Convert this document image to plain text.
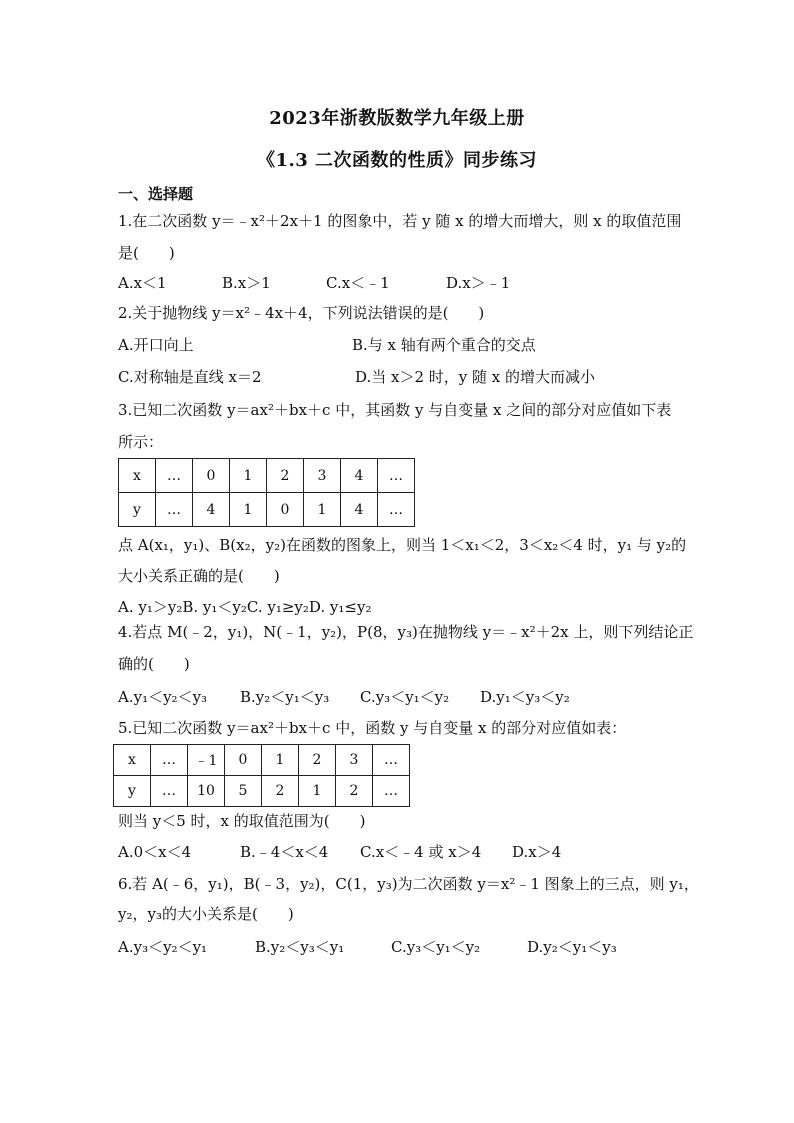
2023年浙教版数学九年级上册
《1.3 二次函数的性质》同步练习
一、选择题
1.在二次函数 y＝﹣x²＋2x＋1 的图象中，若 y 随 x 的增大而增大，则 x 的取值范围
是(　　)
A.x＜1	B.x＞1	C.x＜﹣1	D.x＞﹣1
2.关于抛物线 y＝x²﹣4x＋4，下列说法错误的是(　　)
A.开口向上	B.与 x 轴有两个重合的交点
C.对称轴是直线 x＝2	D.当 x＞2 时，y 随 x 的增大而减小
3.已知二次函数 y＝ax²＋bx＋c 中，其函数 y 与自变量 x 之间的部分对应值如下表
所示：
x	…	0	1	2	3	4	…
y	…	4	1	0	1	4	…
点 A(x₁，y₁)、B(x₂，y₂)在函数的图象上，则当 1＜x₁＜2，3＜x₂＜4 时，y₁ 与 y₂的
大小关系正确的是(　　)
A. y₁＞y₂B. y₁＜y₂C. y₁≥y₂D. y₁≤y₂
4.若点 M(﹣2，y₁)，N(﹣1，y₂)，P(8，y₃)在抛物线 y＝﹣x²＋2x 上，则下列结论正
确的(　　)
A.y₁＜y₂＜y₃ B.y₂＜y₁＜y₃ C.y₃＜y₁＜y₂ D.y₁＜y₃＜y₂
5.已知二次函数 y＝ax²＋bx＋c 中，函数 y 与自变量 x 的部分对应值如表：
x	…	﹣1	0	1	2	3	…
y	…	10	5	2	1	2	…
则当 y＜5 时，x 的取值范围为(　　)
A.0＜x＜4	B.﹣4＜x＜4 C.x＜﹣4 或 x＞4 D.x＞4
6.若 A(﹣6，y₁)，B(﹣3，y₂)，C(1，y₃)为二次函数 y＝x²﹣1 图象上的三点，则 y₁，
y₂，y₃的大小关系是(　　)
A.y₃＜y₂＜y₁	B.y₂＜y₃＜y₁	C.y₃＜y₁＜y₂	D.y₂＜y₁＜y₃
